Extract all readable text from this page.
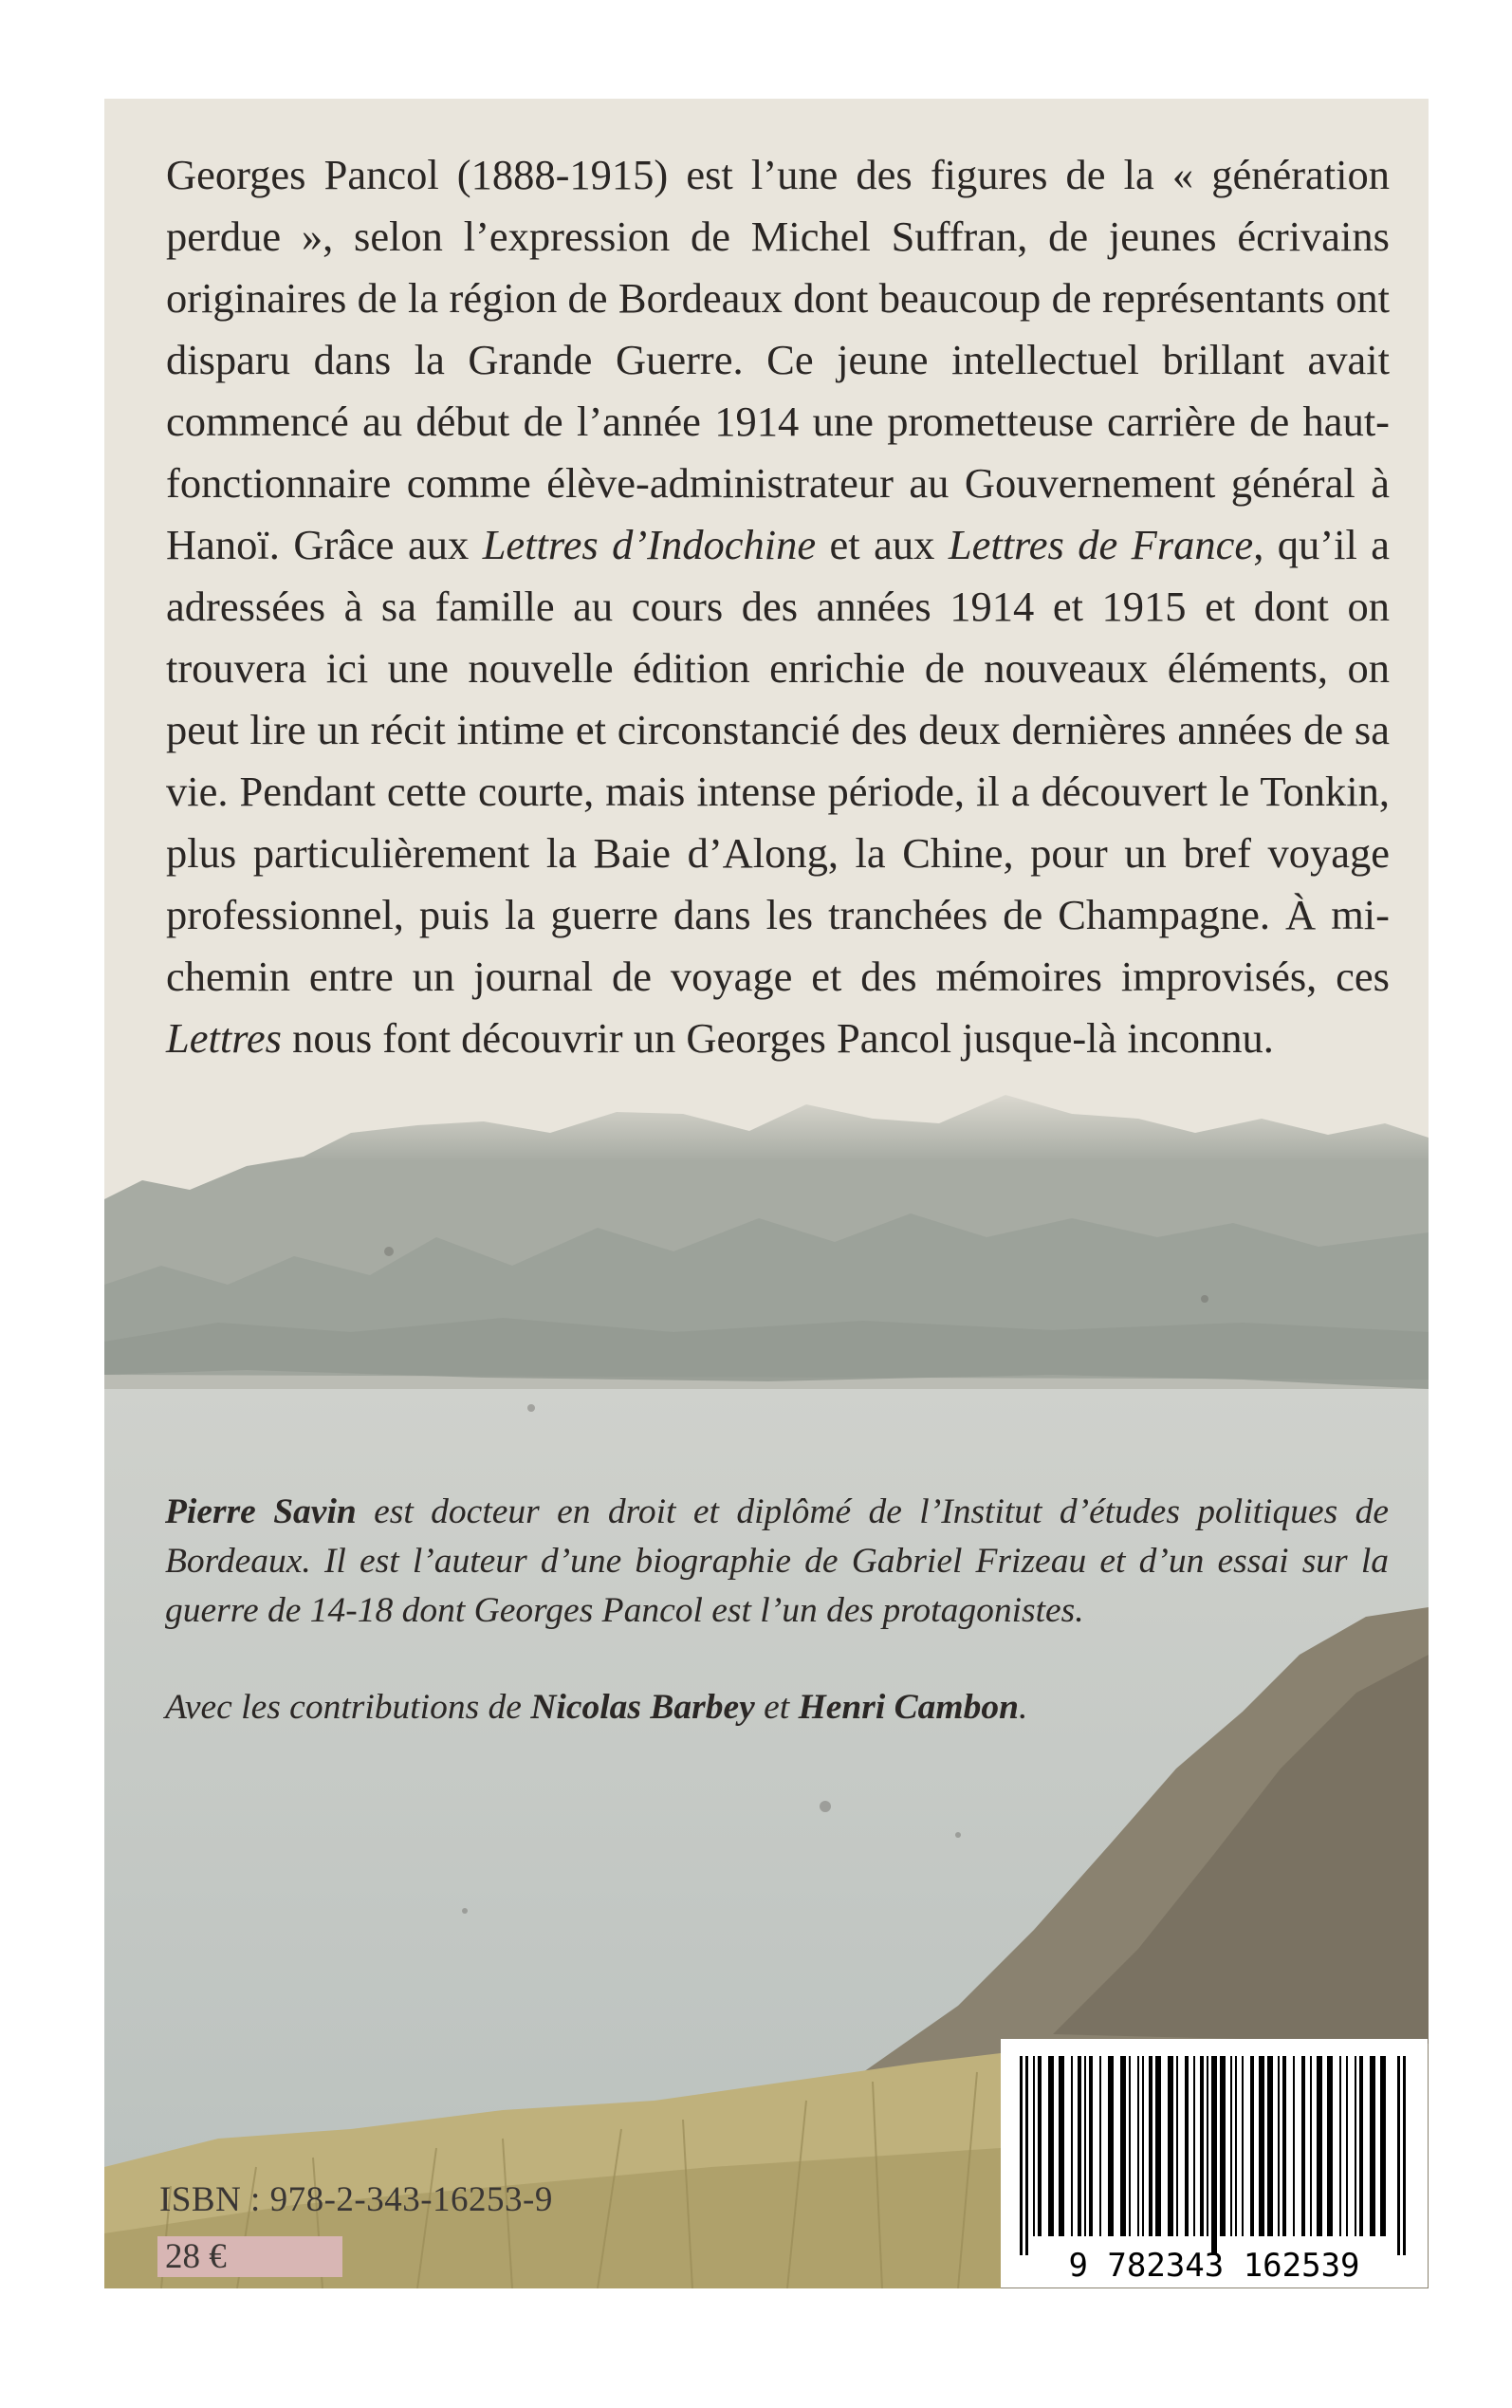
Georges Pancol (1888-1915) est l’une des figures de la « génération perdue », selon l’expression de Michel Suffran, de jeunes écrivains originaires de la région de Bordeaux dont beaucoup de représentants ont disparu dans la Grande Guerre. Ce jeune intellectuel brillant avait commencé au début de l’année 1914 une prometteuse carrière de haut-fonctionnaire comme élève-administrateur au Gouvernement général à Hanoï. Grâce aux Lettres d’Indochine et aux Lettres de France, qu’il a adressées à sa famille au cours des années 1914 et 1915 et dont on trouvera ici une nouvelle édition enrichie de nouveaux éléments, on peut lire un récit intime et circonstancié des deux dernières années de sa vie. Pendant cette courte, mais intense période, il a découvert le Tonkin, plus particulièrement la Baie d’Along, la Chine, pour un bref voyage professionnel, puis la guerre dans les tranchées de Champagne. À mi-chemin entre un journal de voyage et des mémoires improvisés, ces Lettres nous font découvrir un Georges Pancol jusque-là inconnu.

Pierre Savin est docteur en droit et diplômé de l’Institut d’études politiques de Bordeaux. Il est l’auteur d’une biographie de Gabriel Frizeau et d’un essai sur la guerre de 14-18 dont Georges Pancol est l’un des protagonistes.

Avec les contributions de Nicolas Barbey et Henri Cambon.

ISBN : 978-2-343-16253-9
28 €	9 782343 162539
